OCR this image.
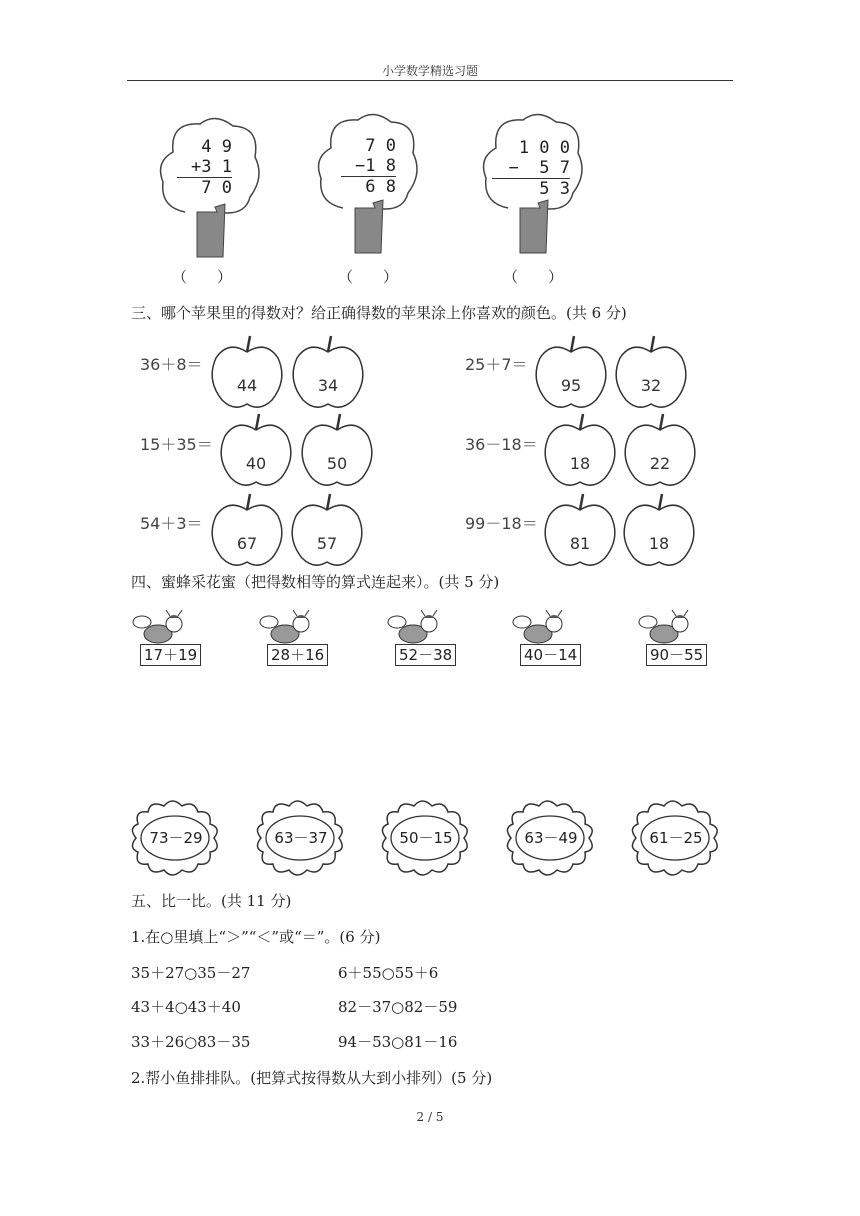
小学数学精选习题
4 9
+3 1
7 0
（　　）
7 0
−1 8
6 8
（　　）
1 0 0
− 5 7
5 3
（　　）
三、哪个苹果里的得数对？给正确得数的苹果涂上你喜欢的颜色。(共 6 分)
36＋8＝
44	34
25＋7＝
95	32
15＋35＝
40	50
36－18＝
18	22
54＋3＝
67	57
99－18＝
81	18
四、蜜蜂采花蜜（把得数相等的算式连起来）。(共 5 分)
17＋19	28＋16	52－38	40－14	90－55
73－29	63－37	50－15	63－49	61－25
五、比一比。(共 11 分)
1.在○里填上“＞”“＜”或“＝”。(6 分)
35＋27○35－27	6＋55○55＋6
43＋4○43＋40	82－37○82－59
33＋26○83－35	94－53○81－16
2.帮小鱼排排队。(把算式按得数从大到小排列）(5 分)
2 / 5
